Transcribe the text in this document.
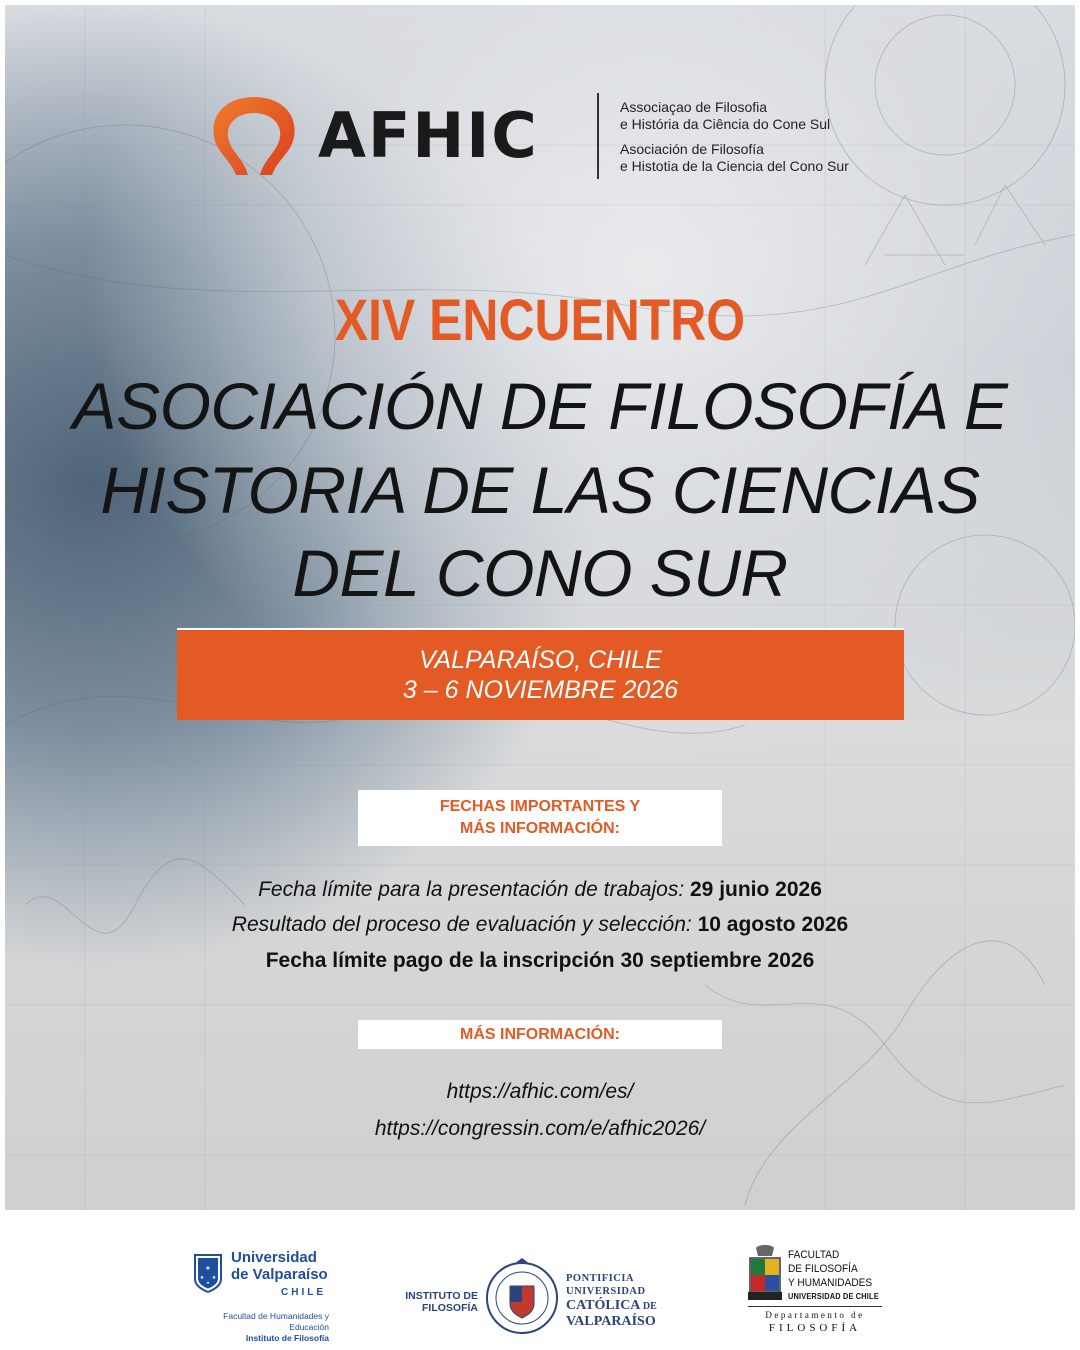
AFHIC	Associaçao de Filosofia
e História da Ciência do Cone Sul
Asociación de Filosofía
e Histotia de la Ciencia del Cono Sur
XIV ENCUENTRO
ASOCIACIÓN DE FILOSOFÍA E
HISTORIA DE LAS CIENCIAS
DEL CONO SUR
VALPARAÍSO, CHILE
3 – 6 NOVIEMBRE 2026
FECHAS IMPORTANTES Y
MÁS INFORMACIÓN:
Fecha límite para la presentación de trabajos: 29 junio 2026
Resultado del proceso de evaluación y selección: 10 agosto 2026
Fecha límite pago de la inscripción 30 septiembre 2026
MÁS INFORMACIÓN:
https://afhic.com/es/
https://congressin.com/e/afhic2026/
★
★ ★
★
Universidad
de Valparaíso
CHILE
Facultad de Humanidades y Educación
Instituto de Filosofía
INSTITUTO DE
FILOSOFÍA
PONTIFICIA
UNIVERSIDAD
CATÓLICA DE
VALPARAÍSO
FACULTAD
DE FILOSOFÍA
Y HUMANIDADES
UNIVERSIDAD DE CHILE
Departamento de
FILOSOFÍA
